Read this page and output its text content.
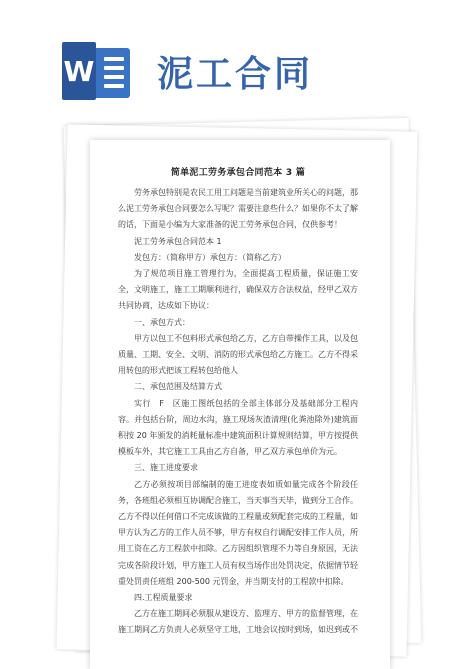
W 泥工合同
简单泥工劳务承包合同范本 3 篇

劳务承包特别是农民工用工问题是当前建筑业所关心的问题，那么泥工劳务承包合同要怎么写呢？需要注意些什么？如果你不太了解的话，下面是小编为大家准备的泥工劳务承包合同，仅供参考！

泥工劳务承包合同范本 1

发包方：（简称甲方）承包方：（简称乙方）

为了规范项目施工管理行为，全面提高工程质量，保证施工安全，文明施工，施工工期顺利进行，确保双方合法权益，经甲乙双方共同协商，达成如下协议：

一、承包方式：

甲方以包工不包料形式承包给乙方，乙方自带操作工具，以及包质量、工期、安全、文明、消防的形式承包给乙方施工。乙方不得采用转包的形式把该工程转包给他人

二、承包范围及结算方式

实行　F　区施工图纸包括的全部主体部分及基础部分工程内容。并包括台阶，周边水沟，施工现场灰渣清理(化粪池除外)建筑面积按 20 年颁发的消耗量标准中建筑面积计算规则结算，甲方按提供模板车外，其它施工工具由乙方自备，甲乙双方承包单价为元。

三、施工进度要求

乙方必须按项目部编制的施工进度表如质如量完成各个阶段任务，各班组必须相互协调配合施工，当天事当天毕，做到分工合作。乙方不得以任何借口不完成该做的工程量或须配套完成的工程量，如甲方认为乙方的工作人员不够，甲方有权自行调配安排工作人员，所用工资在乙方工程款中扣除。乙方因组织管理不力等自身原因，无法完成各阶段计划，甲方施工人员有权当场作出处罚决定，依据情节轻重处罚责任班组 200-500 元罚金，并当期支付的工程款中扣除。

四.工程质量要求

乙方在施工期间必须服从建设方、监理方、甲方的监督管理，在施工期间乙方负责人必须坚守工地，工地会议按时到场，如迟到或不
